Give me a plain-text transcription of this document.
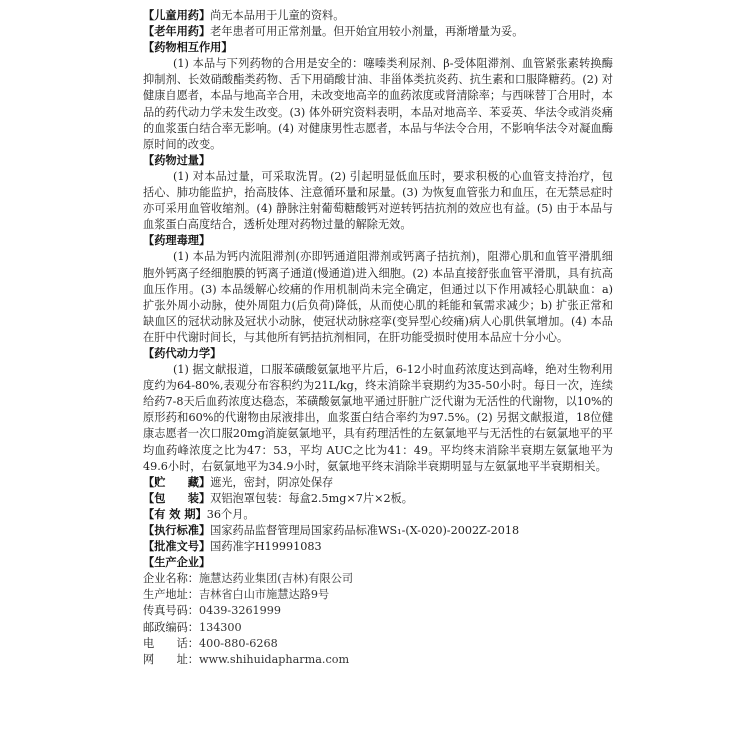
【儿童用药】尚无本品用于儿童的资料。
【老年用药】老年患者可用正常剂量。但开始宜用较小剂量，再渐增量为妥。
【药物相互作用】

(1) 本品与下列药物的合用是安全的：噻嗪类利尿剂、β-受体阻滞剂、血管紧张素转换酶抑制剂、长效硝酸酯类药物、舌下用硝酸甘油、非甾体类抗炎药、抗生素和口服降糖药。(2) 对健康自愿者，本品与地高辛合用，未改变地高辛的血药浓度或肾清除率；与西咪替丁合用时，本品的药代动力学未发生改变。(3) 体外研究资料表明，本品对地高辛、苯妥英、华法令或消炎痛的血浆蛋白结合率无影响。(4) 对健康男性志愿者，本品与华法令合用，不影响华法令对凝血酶原时间的改变。

【药物过量】

(1) 对本品过量，可采取洗胃。(2) 引起明显低血压时，要求积极的心血管支持治疗，包括心、肺功能监护，抬高肢体、注意循环量和尿量。(3) 为恢复血管张力和血压，在无禁忌症时亦可采用血管收缩剂。(4) 静脉注射葡萄糖酸钙对逆转钙拮抗剂的效应也有益。(5) 由于本品与血浆蛋白高度结合，透析处理对药物过量的解除无效。

【药理毒理】

(1) 本品为钙内流阻滞剂(亦即钙通道阻滞剂或钙离子拮抗剂)，阻滞心肌和血管平滑肌细胞外钙离子经细胞膜的钙离子通道(慢通道)进入细胞。(2) 本品直接舒张血管平滑肌，具有抗高血压作用。(3) 本品缓解心绞痛的作用机制尚未完全确定，但通过以下作用减轻心肌缺血：a) 扩张外周小动脉，使外周阻力(后负荷)降低，从而使心肌的耗能和氧需求减少；b) 扩张正常和缺血区的冠状动脉及冠状小动脉，使冠状动脉痉挛(变异型心绞痛)病人心肌供氧增加。(4) 本品在肝中代谢时间长，与其他所有钙拮抗剂相同，在肝功能受损时使用本品应十分小心。

【药代动力学】

(1) 据文献报道，口服苯磺酸氨氯地平片后，6-12小时血药浓度达到高峰，绝对生物利用度约为64-80%,表观分布容积约为21L/kg，终末消除半衰期约为35-50小时。每日一次，连续给药7-8天后血药浓度达稳态，苯磺酸氨氯地平通过肝脏广泛代谢为无活性的代谢物，以10%的原形药和60%的代谢物由尿液排出，血浆蛋白结合率约为97.5%。(2) 另据文献报道，18位健康志愿者一次口服20mg消旋氨氯地平，具有药理活性的左氨氯地平与无活性的右氨氯地平的平均血药峰浓度之比为47：53，平均 AUC之比为41：49。平均终末消除半衰期左氨氯地平为49.6小时，右氨氯地平为34.9小时，氨氯地平终末消除半衰期明显与左氨氯地平半衰期相关。

【贮　　藏】遮光，密封，阴凉处保存
【包　　装】双铝泡罩包装：每盒2.5mg×7片×2板。
【有 效 期】36个月。
【执行标准】国家药品监督管理局国家药品标准WS₁-(X-020)-2002Z-2018
【批准文号】国药准字H19991083
【生产企业】
企业名称：施慧达药业集团(吉林)有限公司
生产地址：吉林省白山市施慧达路9号
传真号码：0439-3261999
邮政编码：134300
电　　话：400-880-6268
网　　址：www.shihuidapharma.com
